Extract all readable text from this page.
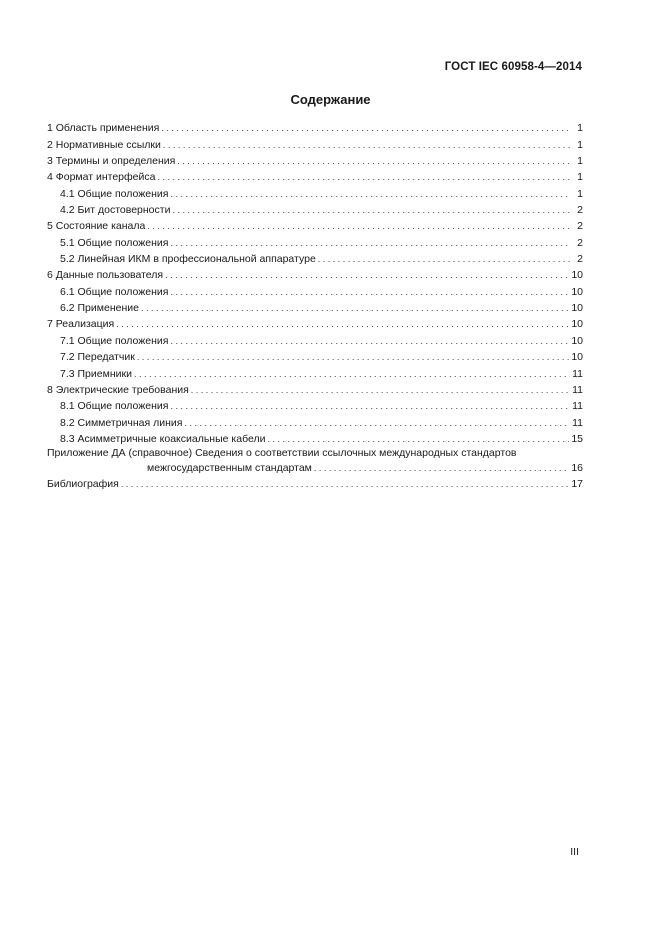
ГОСТ IEC 60958-4—2014
Содержание
1 Область применения . . .	1
2 Нормативные ссылки . . .	1
3 Термины и определения . . .	1
4 Формат интерфейса . . .	1
4.1 Общие положения . . .	1
4.2 Бит достоверности . . .	2
5 Состояние канала . . .	2
5.1 Общие положения . . .	2
5.2 Линейная ИКМ в профессиональной аппаратуре . . .	2
6 Данные пользователя . . .	10
6.1 Общие положения . . .	10
6.2 Применение . . .	10
7 Реализация . . .	10
7.1 Общие положения . . .	10
7.2 Передатчик . . .	10
7.3 Приемники . . .	11
8 Электрические требования . . .	11
8.1 Общие положения . . .	11
8.2 Симметричная линия . . .	11
8.3 Асимметричные коаксиальные кабели . . .	15
Приложение ДА (справочное) Сведения о соответствии ссылочных международных стандартов
межгосударственным стандартам . . .	16
Библиография . . .	17
III
